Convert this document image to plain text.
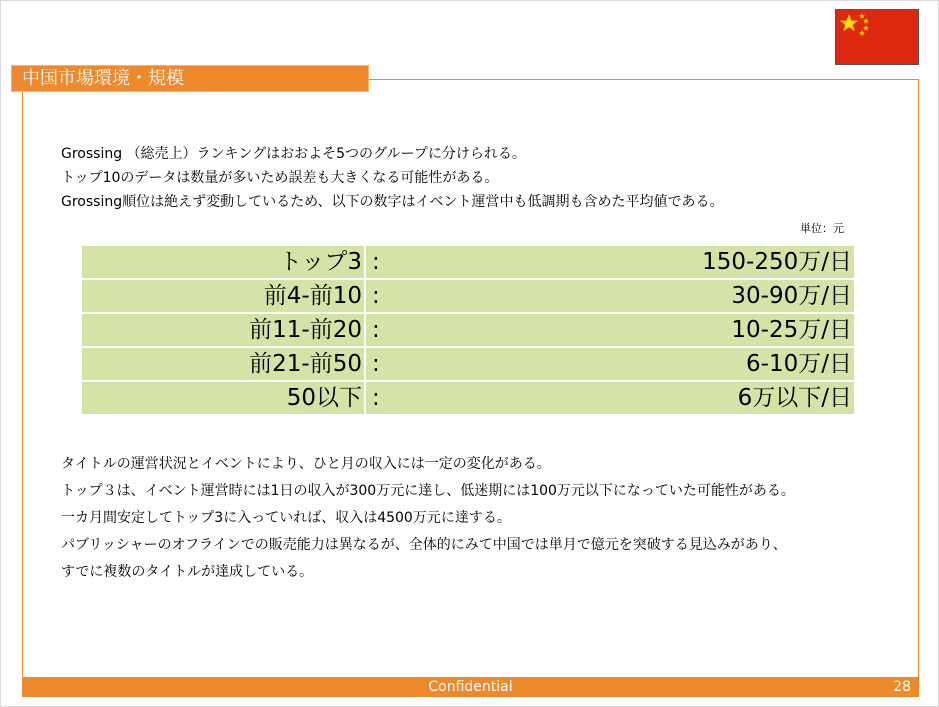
中国市場環境・規模

Grossing （総売上）ランキングはおおよそ5つのグループに分けられる。

トップ10のデータは数量が多いため誤差も大きくなる可能性がある。

Grossing順位は絶えず変動しているため、以下の数字はイベント運営中も低調期も含めた平均値である。

単位：元
トップ3 :	150-250万/日
前4-前10 :	30-90万/日
前11-前20 :	10-25万/日
前21-前50 :	6-10万/日
50以下 :	6万以下/日

タイトルの運営状況とイベントにより、ひと月の収入には一定の変化がある。

トップ３は、イベント運営時には1日の収入が300万元に達し、低迷期には100万元以下になっていた可能性がある。

一カ月間安定してトップ3に入っていれば、収入は4500万元に達する。

パブリッシャーのオフラインでの販売能力は異なるが、全体的にみて中国では単月で億元を突破する見込みがあり、

すでに複数のタイトルが達成している。

Confidential	28
